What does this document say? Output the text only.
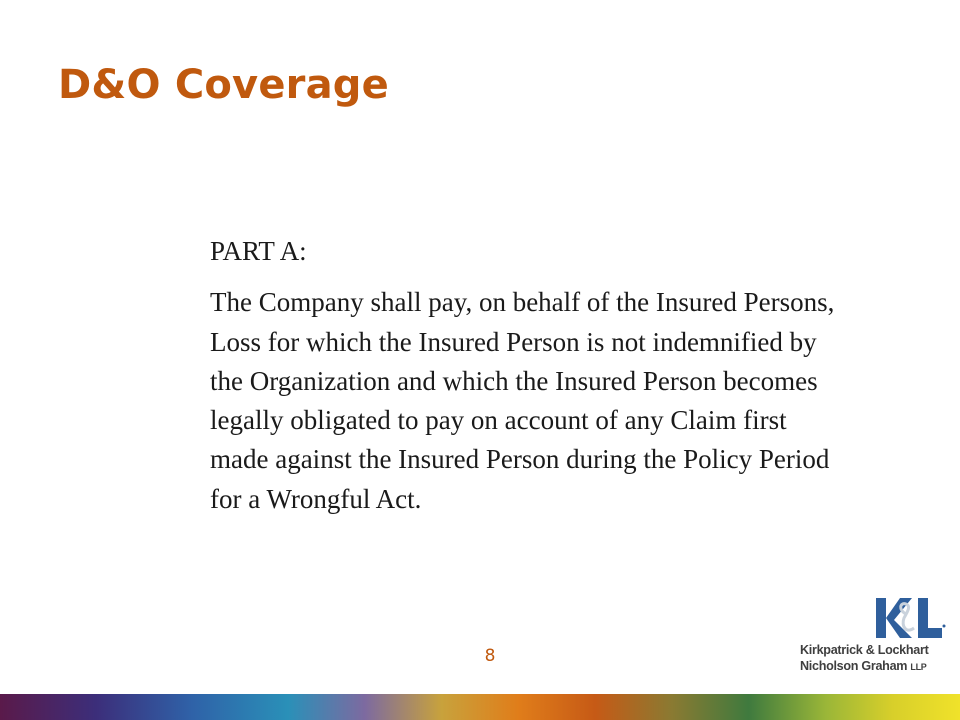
D&O Coverage

PART A:

The Company shall pay, on behalf of the Insured Persons, Loss for which the Insured Person is not indemnified by the Organization and which the Insured Person becomes legally obligated to pay on account of any Claim first made against the Insured Person during the Policy Period for a Wrongful Act.

8	Kirkpatrick & Lockhart
Nicholson Graham LLP
